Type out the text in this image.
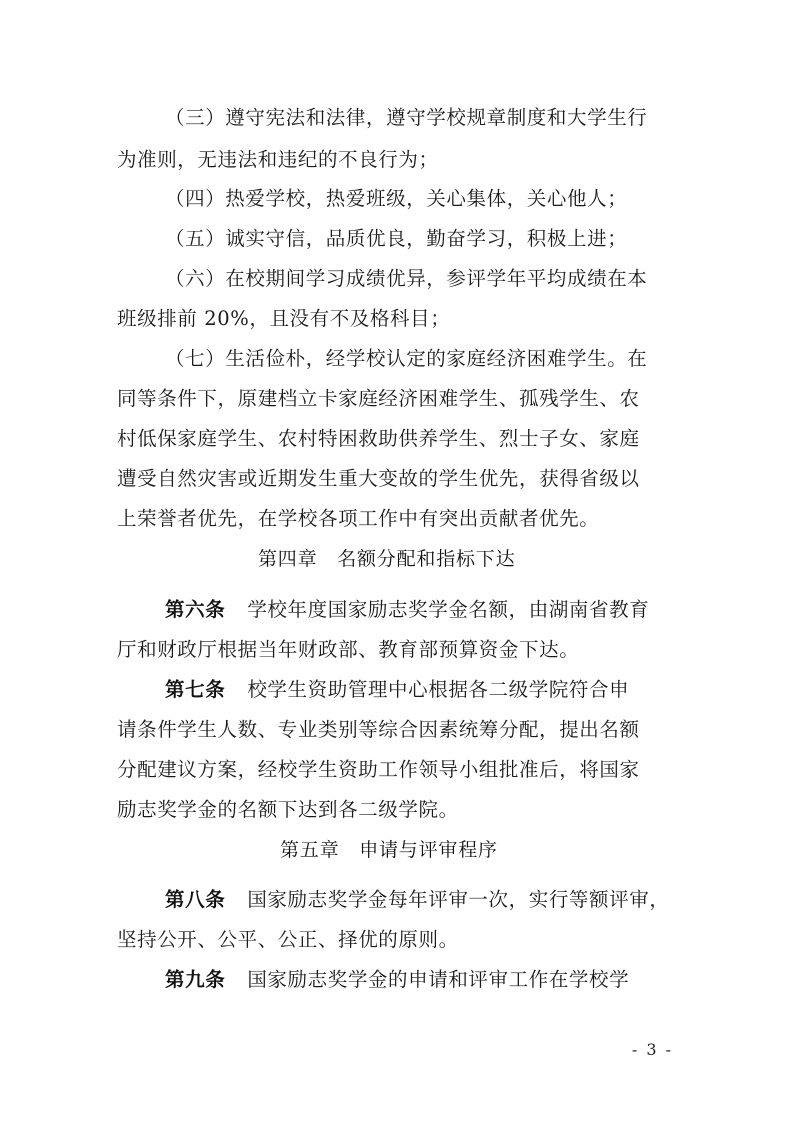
（三）遵守宪法和法律，遵守学校规章制度和大学生行
为准则，无违法和违纪的不良行为；
（四）热爱学校，热爱班级，关心集体，关心他人；
（五）诚实守信，品质优良，勤奋学习，积极上进；
（六）在校期间学习成绩优异，参评学年平均成绩在本
班级排前 20%，且没有不及格科目；
（七）生活俭朴，经学校认定的家庭经济困难学生。在
同等条件下，原建档立卡家庭经济困难学生、孤残学生、农
村低保家庭学生、农村特困救助供养学生、烈士子女、家庭
遭受自然灾害或近期发生重大变故的学生优先，获得省级以
上荣誉者优先，在学校各项工作中有突出贡献者优先。
第四章　名额分配和指标下达
第六条 学校年度国家励志奖学金名额，由湖南省教育
厅和财政厅根据当年财政部、教育部预算资金下达。
第七条 校学生资助管理中心根据各二级学院符合申
请条件学生人数、专业类别等综合因素统筹分配，提出名额
分配建议方案，经校学生资助工作领导小组批准后，将国家
励志奖学金的名额下达到各二级学院。
第五章　申请与评审程序
第八条 国家励志奖学金每年评审一次，实行等额评审，
坚持公开、公平、公正、择优的原则。
第九条 国家励志奖学金的申请和评审工作在学校学
- 3 -
